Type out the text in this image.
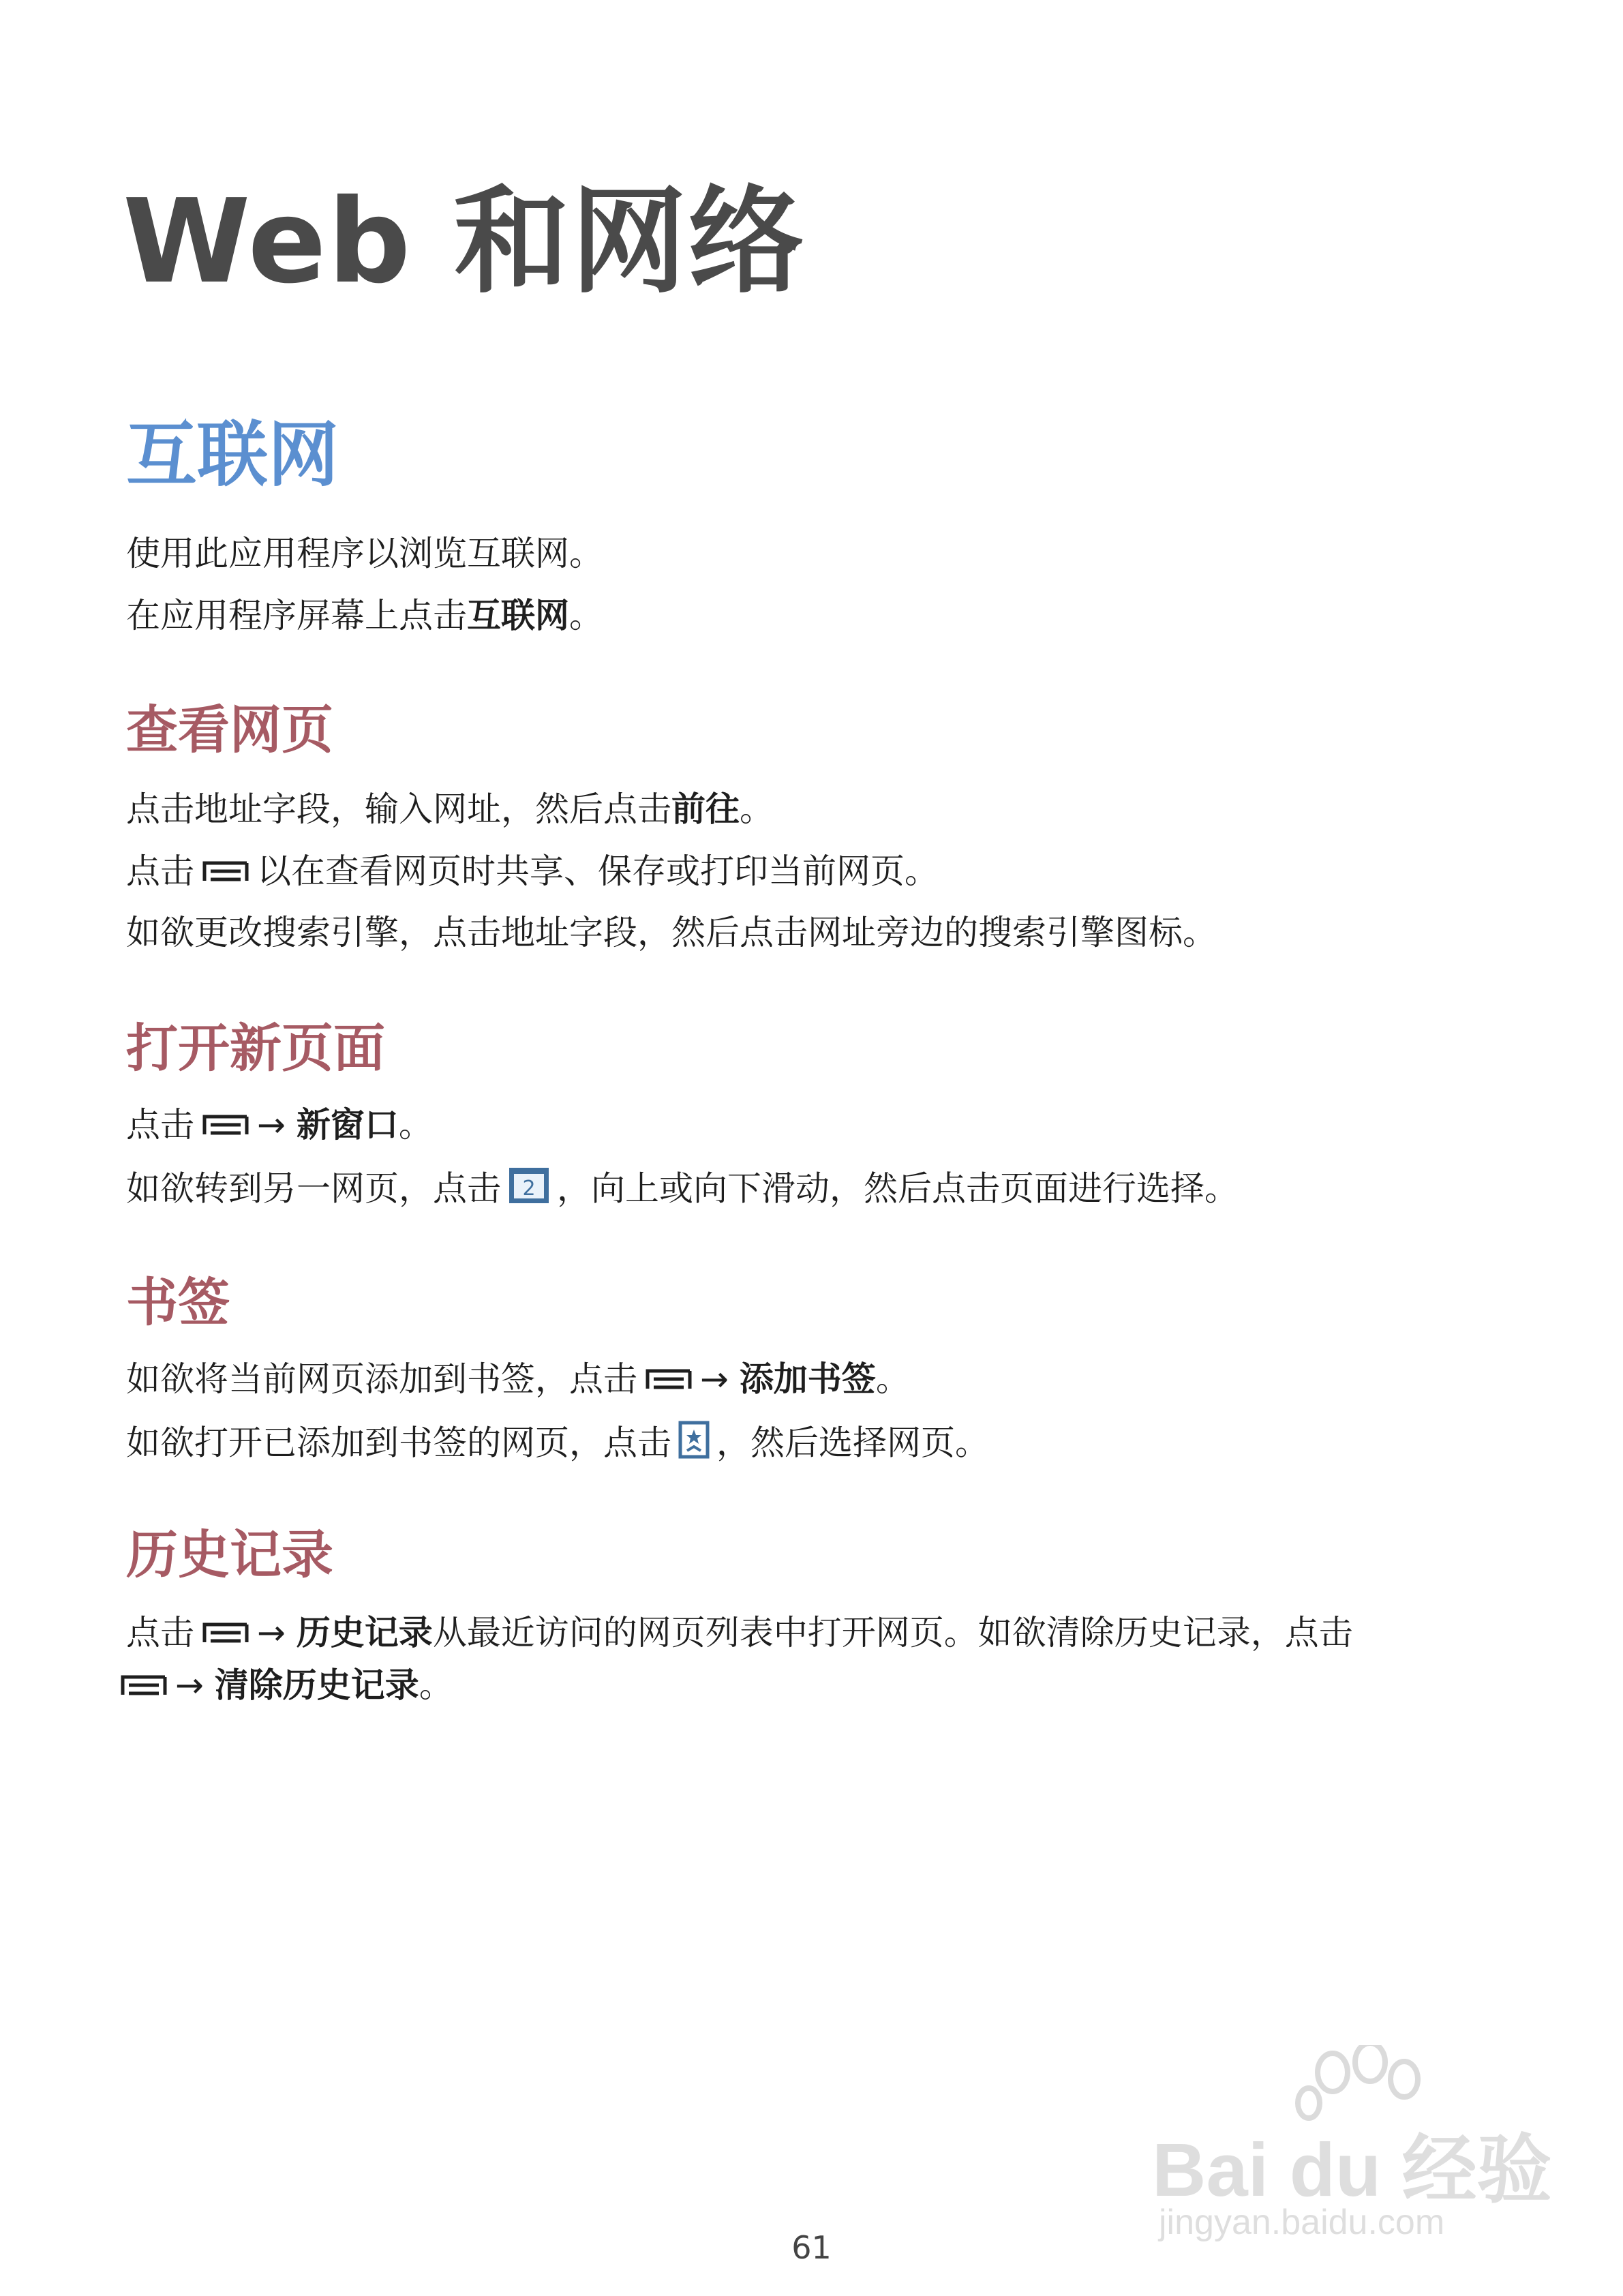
Web 和网络
互联网
使用此应用程序以浏览互联网。
在应用程序屏幕上点击互联网。
查看网页
点击地址字段，输入网址，然后点击前往。
点击 以在查看网页时共享、保存或打印当前网页。
如欲更改搜索引擎，点击地址字段，然后点击网址旁边的搜索引擎图标。
打开新页面
点击 → 新窗口。
如欲转到另一网页，点击 2 ，向上或向下滑动，然后点击页面进行选择。
书签
如欲将当前网页添加到书签，点击 → 添加书签。
如欲打开已添加到书签的网页，点击 ，然后选择网页。
历史记录
点击 → 历史记录从最近访问的网页列表中打开网页。如欲清除历史记录，点击
→ 清除历史记录。
Bai du 经验
jingyan.baidu.com
61
